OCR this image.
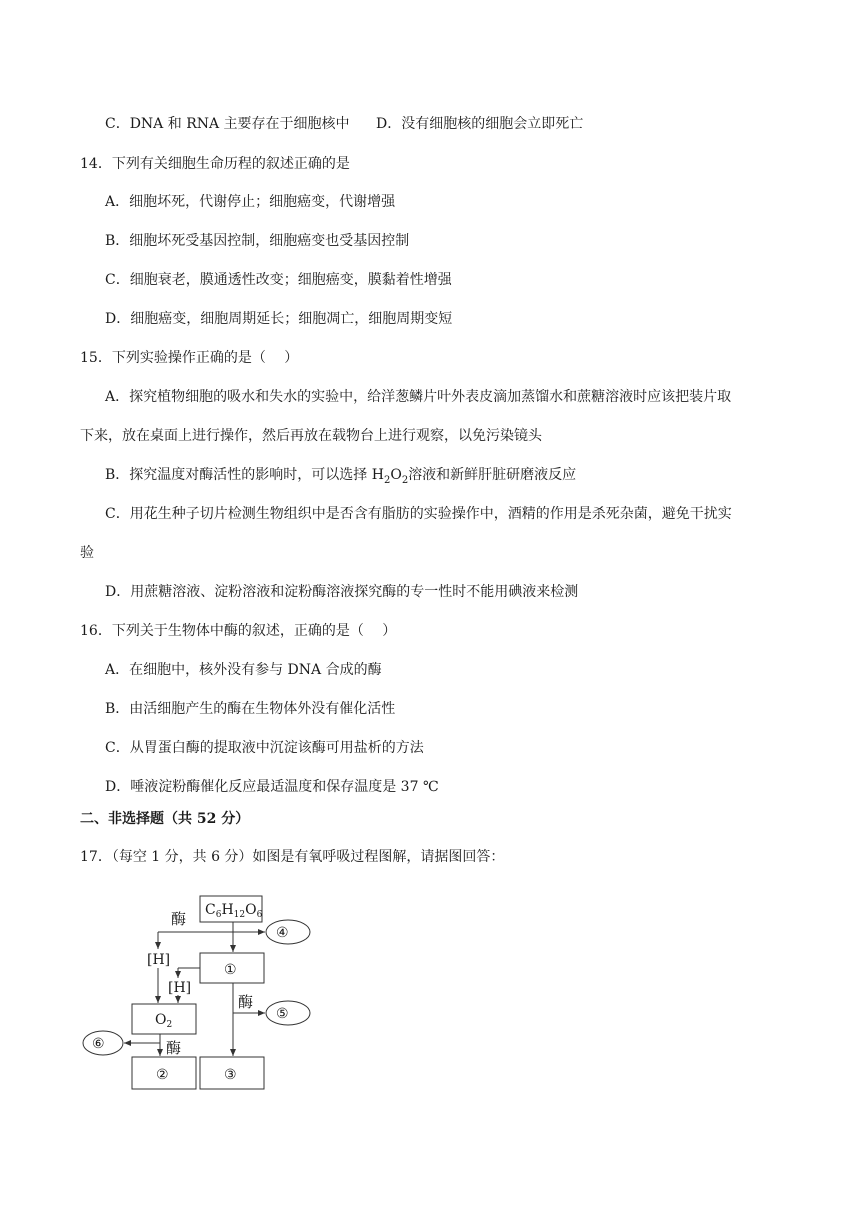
C．DNA 和 RNA 主要存在于细胞核中 D．没有细胞核的细胞会立即死亡
14．下列有关细胞生命历程的叙述正确的是
A．细胞坏死，代谢停止；细胞癌变，代谢增强
B．细胞坏死受基因控制，细胞癌变也受基因控制
C．细胞衰老，膜通透性改变；细胞癌变，膜黏着性增强
D．细胞癌变，细胞周期延长；细胞凋亡，细胞周期变短
15．下列实验操作正确的是（　 ）
A．探究植物细胞的吸水和失水的实验中，给洋葱鳞片叶外表皮滴加蒸馏水和蔗糖溶液时应该把装片取
下来，放在桌面上进行操作，然后再放在载物台上进行观察，以免污染镜头
B．探究温度对酶活性的影响时，可以选择 $H_2O_2$溶液和新鲜肝脏研磨液反应
C．用花生种子切片检测生物组织中是否含有脂肪的实验操作中，酒精的作用是杀死杂菌，避免干扰实
验
D．用蔗糖溶液、淀粉溶液和淀粉酶溶液探究酶的专一性时不能用碘液来检测
16．下列关于生物体中酶的叙述，正确的是（　 ）
A．在细胞中，核外没有参与 DNA 合成的酶
B．由活细胞产生的酶在生物体外没有催化活性
C．从胃蛋白酶的提取液中沉淀该酶可用盐析的方法
D．唾液淀粉酶催化反应最适温度和保存温度是 37 ℃
二、非选择题（共 52 分）
17．（每空 1 分，共 6 分）如图是有氧呼吸过程图解，请据图回答：
$C_6H_{12}O_6$
酶
[H]
[H]
①
④
酶
⑤
$O_2$
酶
⑥
②	③
